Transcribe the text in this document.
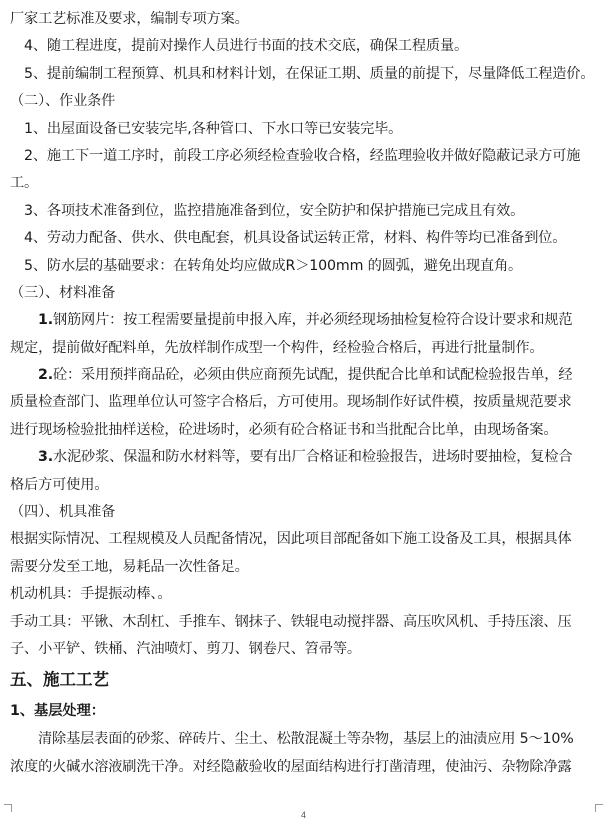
厂家工艺标准及要求，编制专项方案。
4、随工程进度，提前对操作人员进行书面的技术交底，确保工程质量。
5、提前编制工程预算、机具和材料计划，在保证工期、质量的前提下，尽量降低工程造价。
（二）、作业条件
1、出屋面设备已安装完毕,各种管口、下水口等已安装完毕。
2、施工下一道工序时，前段工序必须经检查验收合格，经监理验收并做好隐蔽记录方可施
工。
3、各项技术准备到位，监控措施准备到位，安全防护和保护措施已完成且有效。
4、劳动力配备、供水、供电配套，机具设备试运转正常，材料、构件等均已准备到位。
5、防水层的基础要求：在转角处均应做成R＞100mm 的圆弧，避免出现直角。
（三）、材料准备
1.钢筋网片：按工程需要量提前申报入库，并必须经现场抽检复检符合设计要求和规范
规定，提前做好配料单，先放样制作成型一个构件，经检验合格后，再进行批量制作。
2.砼：采用预拌商品砼，必须由供应商预先试配，提供配合比单和试配检验报告单，经
质量检查部门、监理单位认可签字合格后，方可使用。现场制作好试件模，按质量规范要求
进行现场检验批抽样送检，砼进场时，必须有砼合格证书和当批配合比单，由现场备案。
3.水泥砂浆、保温和防水材料等，要有出厂合格证和检验报告，进场时要抽检，复检合
格后方可使用。
（四）、机具准备
根据实际情况、工程规模及人员配备情况，因此项目部配备如下施工设备及工具，根据具体
需要分发至工地，易耗品一次性备足。
机动机具：手提振动棒、。
手动工具：平锹、木刮杠、手推车、钢抹子、铁辊电动搅拌器、高压吹风机、手持压滚、压
子、小平铲、铁桶、汽油喷灯、剪刀、钢卷尺、笤帚等。
五、施工工艺
1、基层处理：
清除基层表面的砂浆、碎砖片、尘土、松散混凝土等杂物，基层上的油渍应用 5～10%
浓度的火碱水溶液刷洗干净。对经隐蔽验收的屋面结构进行打凿清理，使油污、杂物除净露
4
